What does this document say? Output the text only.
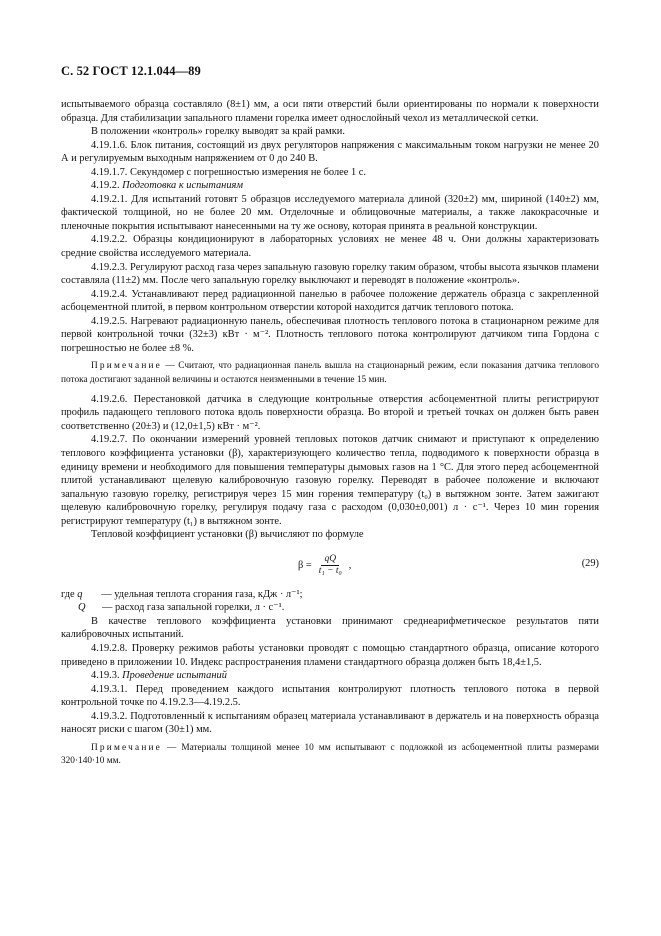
С. 52 ГОСТ 12.1.044—89

испытываемого образца составляло (8±1) мм, а оси пяти отверстий были ориентированы по нормали к поверхности образца. Для стабилизации запального пламени горелка имеет однослойный чехол из металлической сетки.

В положении «контроль» горелку выводят за край рамки.

4.19.1.6. Блок питания, состоящий из двух регуляторов напряжения с максимальным током нагрузки не менее 20 А и регулируемым выходным напряжением от 0 до 240 В.

4.19.1.7. Секундомер с погрешностью измерения не более 1 с.

4.19.2. Подготовка к испытаниям

4.19.2.1. Для испытаний готовят 5 образцов исследуемого материала длиной (320±2) мм, шириной (140±2) мм, фактической толщиной, но не более 20 мм. Отделочные и облицовочные материалы, а также лакокрасочные и пленочные покрытия испытывают нанесенными на ту же основу, которая принята в реальной конструкции.

4.19.2.2. Образцы кондиционируют в лабораторных условиях не менее 48 ч. Они должны характеризовать средние свойства исследуемого материала.

4.19.2.3. Регулируют расход газа через запальную газовую горелку таким образом, чтобы высота язычков пламени составляла (11±2) мм. После чего запальную горелку выключают и переводят в положение «контроль».

4.19.2.4. Устанавливают перед радиационной панелью в рабочее положение держатель образца с закрепленной асбоцементной плитой, в первом контрольном отверстии которой находится датчик теплового потока.

4.19.2.5. Нагревают радиационную панель, обеспечивая плотность теплового потока в стационарном режиме для первой контрольной точки (32±3) кВт · м⁻². Плотность теплового потока контролируют датчиком типа Гордона с погрешностью не более ±8 %.

Примечание — Считают, что радиационная панель вышла на стационарный режим, если показания датчика теплового потока достигают заданной величины и остаются неизменными в течение 15 мин.

4.19.2.6. Перестановкой датчика в следующие контрольные отверстия асбоцементной плиты регистрируют профиль падающего теплового потока вдоль поверхности образца. Во второй и третьей точках он должен быть равен соответственно (20±3) и (12,0±1,5) кВт · м⁻².

4.19.2.7. По окончании измерений уровней тепловых потоков датчик снимают и приступают к определению теплового коэффициента установки (β), характеризующего количество тепла, подводимого к поверхности образца в единицу времени и необходимого для повышения температуры дымовых газов на 1 °С. Для этого перед асбоцементной плитой устанавливают щелевую калибровочную газовую горелку. Переводят в рабочее положение и включают запальную газовую горелку, регистрируя через 15 мин горения температуру (t₀) в вытяжном зонте. Затем зажигают щелевую калибровочную горелку, регулируя подачу газа с расходом (0,030±0,001) л · с⁻¹. Через 10 мин горения регистрируют температуру (t₁) в вытяжном зонте.

Тепловой коэффициент установки (β) вычисляют по формуле

$\beta = \frac{qQ}{\text{t₁ − t₀}}$ ,	(29)

где q — удельная теплота сгорания газа, кДж · л⁻¹;

Q — расход газа запальной горелки, л · с⁻¹.

В качестве теплового коэффициента установки принимают среднеарифметическое результатов пяти калибровочных испытаний.

4.19.2.8. Проверку режимов работы установки проводят с помощью стандартного образца, описание которого приведено в приложении 10. Индекс распространения пламени стандартного образца должен быть 18,4±1,5.

4.19.3. Проведение испытаний

4.19.3.1. Перед проведением каждого испытания контролируют плотность теплового потока в первой контрольной точке по 4.19.2.3—4.19.2.5.

4.19.3.2. Подготовленный к испытаниям образец материала устанавливают в держатель и на поверхность образца наносят риски с шагом (30±1) мм.

Примечание — Материалы толщиной менее 10 мм испытывают с подложкой из асбоцементной плиты размерами 320·140·10 мм.
